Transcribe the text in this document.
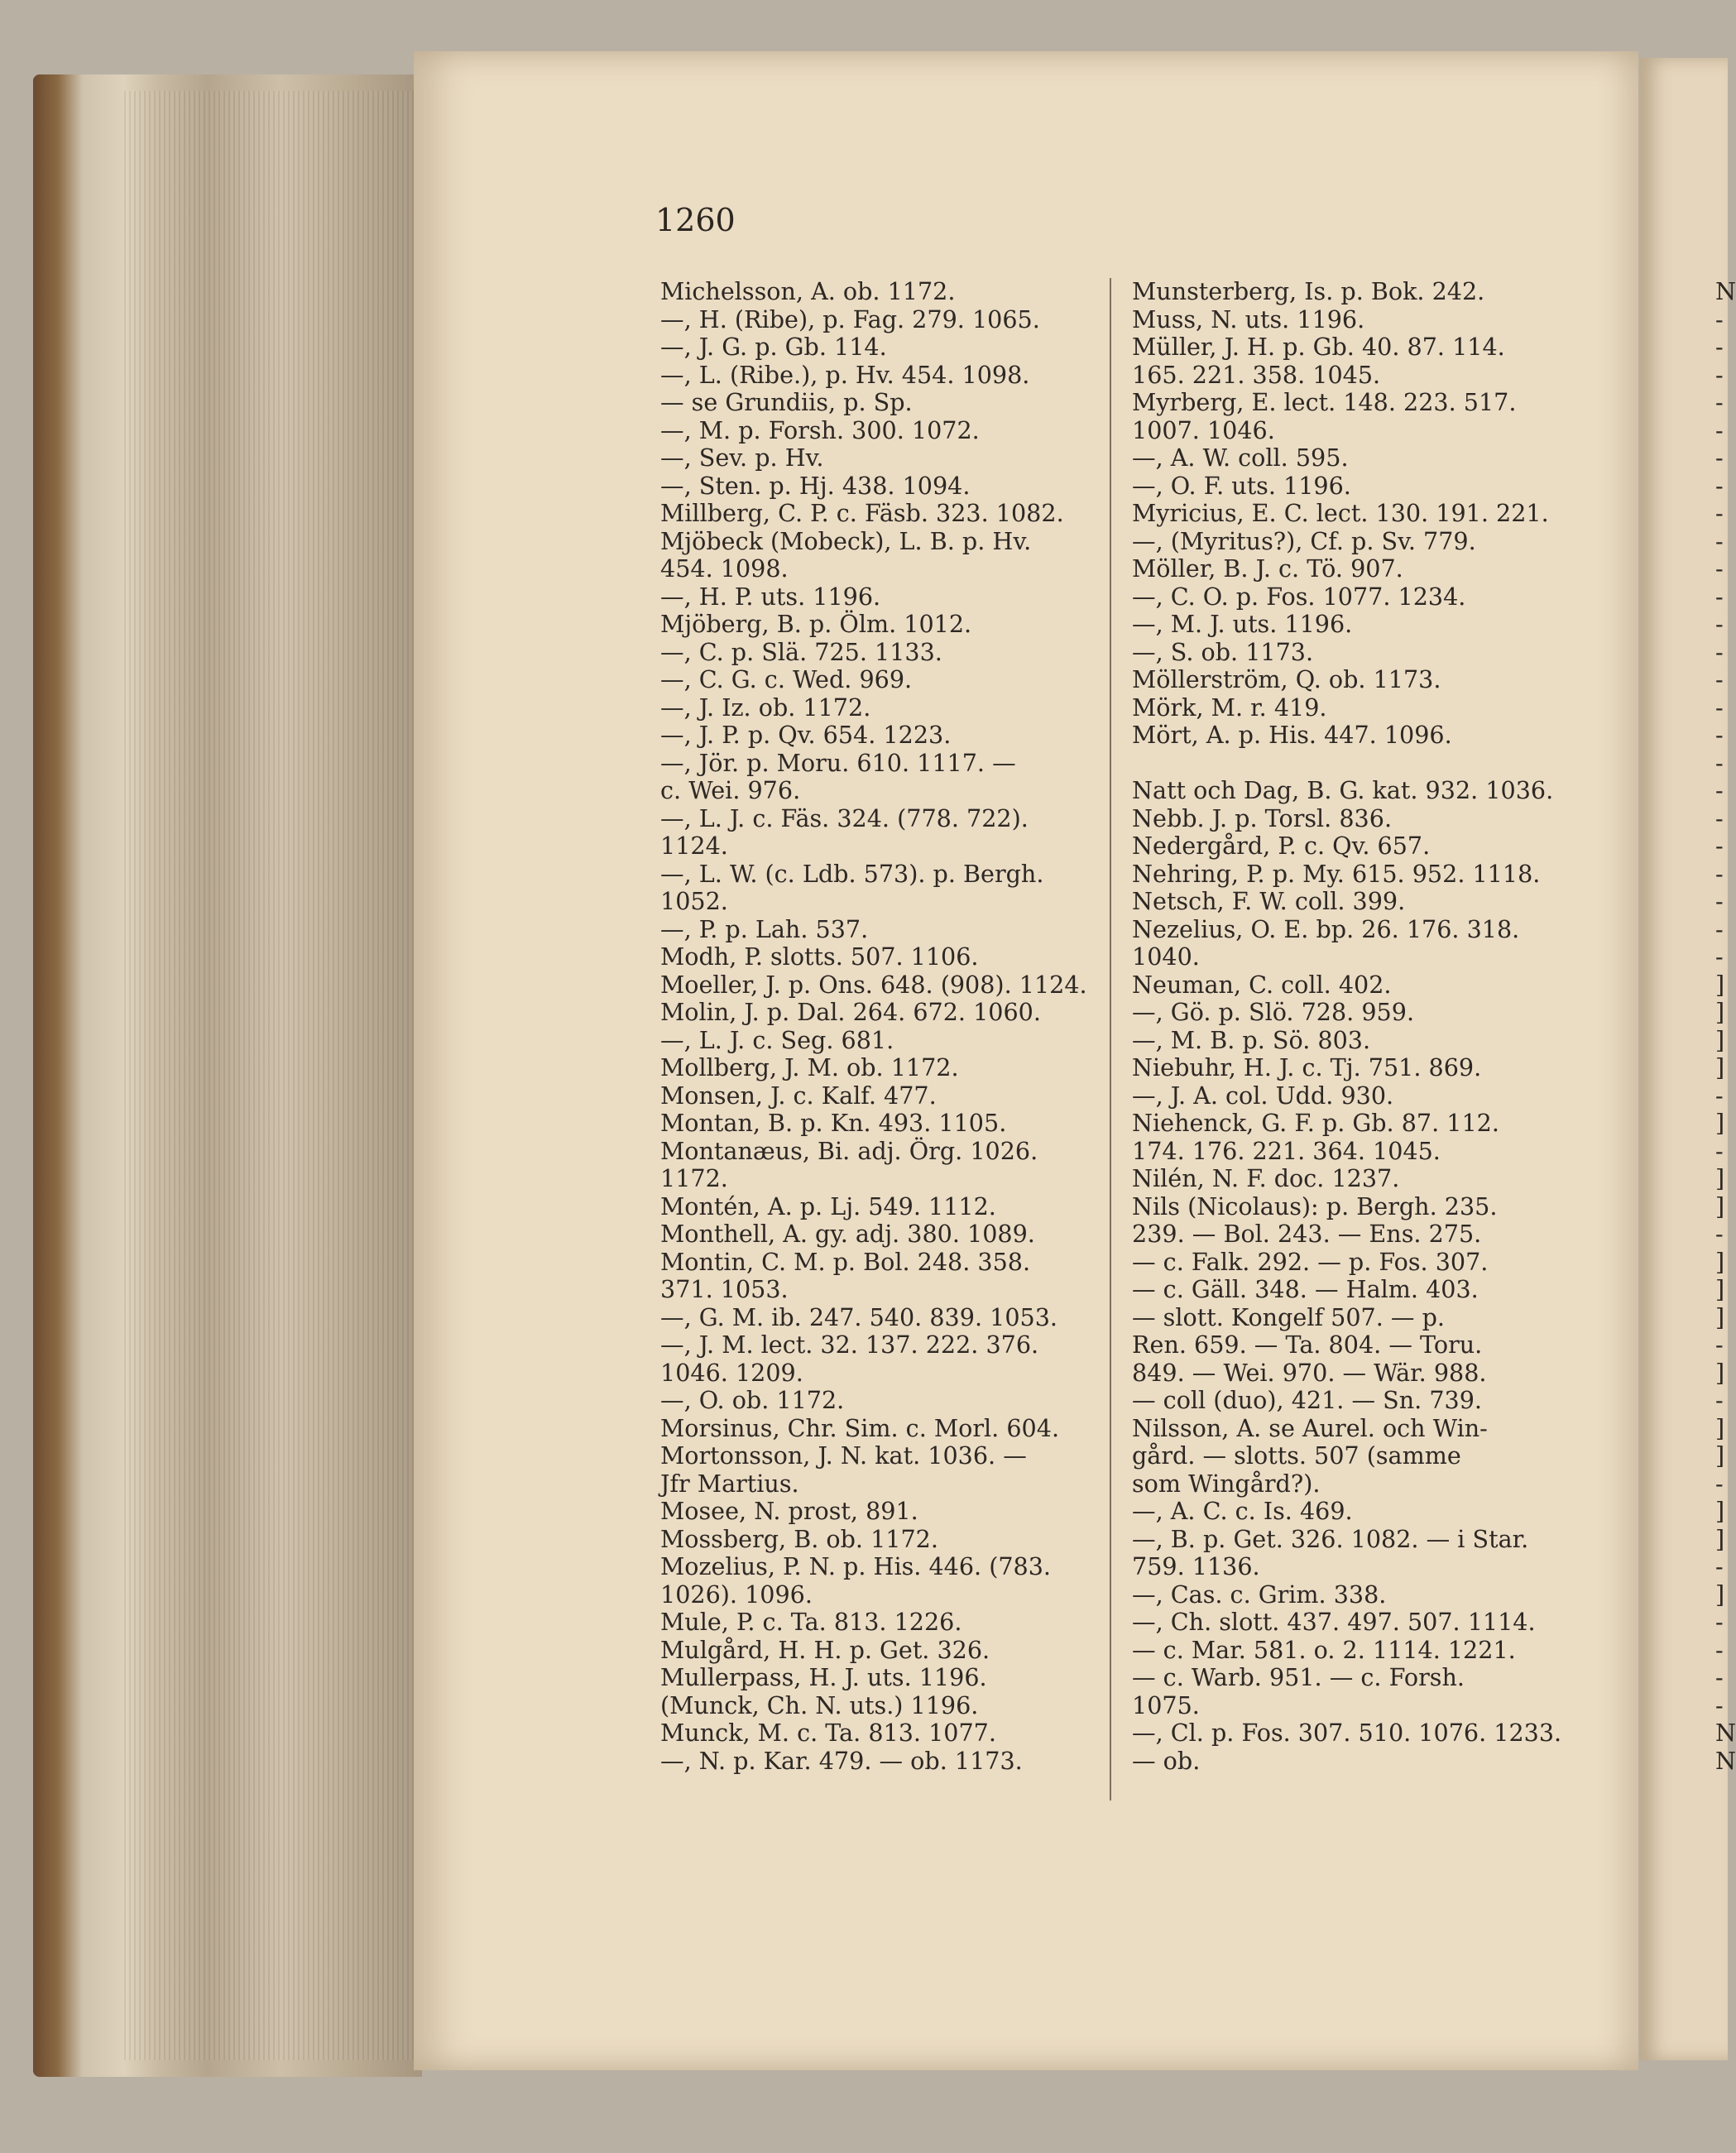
1260
Michelsson, A. ob. 1172.
—, H. (Ribe), p. Fag. 279. 1065.
—, J. G. p. Gb. 114.
—, L. (Ribe.), p. Hv. 454. 1098.
— se Grundiis, p. Sp.
—, M. p. Forsh. 300. 1072.
—, Sev. p. Hv.
—, Sten. p. Hj. 438. 1094.
Millberg, C. P. c. Fäsb. 323. 1082.
Mjöbeck (Mobeck), L. B. p. Hv.
454. 1098.
—, H. P. uts. 1196.
Mjöberg, B. p. Ölm. 1012.
—, C. p. Slä. 725. 1133.
—, C. G. c. Wed. 969.
—, J. Iz. ob. 1172.
—, J. P. p. Qv. 654. 1223.
—, Jör. p. Moru. 610. 1117. —
c. Wei. 976.
—, L. J. c. Fäs. 324. (778. 722).
1124.
—, L. W. (c. Ldb. 573). p. Bergh.
1052.
—, P. p. Lah. 537.
Modh, P. slotts. 507. 1106.
Moeller, J. p. Ons. 648. (908). 1124.
Molin, J. p. Dal. 264. 672. 1060.
—, L. J. c. Seg. 681.
Mollberg, J. M. ob. 1172.
Monsen, J. c. Kalf. 477.
Montan, B. p. Kn. 493. 1105.
Montanæus, Bi. adj. Örg. 1026.
1172.
Montén, A. p. Lj. 549. 1112.
Monthell, A. gy. adj. 380. 1089.
Montin, C. M. p. Bol. 248. 358.
371. 1053.
—, G. M. ib. 247. 540. 839. 1053.
—, J. M. lect. 32. 137. 222. 376.
1046. 1209.
—, O. ob. 1172.
Morsinus, Chr. Sim. c. Morl. 604.
Mortonsson, J. N. kat. 1036. —
Jfr Martius.
Mosee, N. prost, 891.
Mossberg, B. ob. 1172.
Mozelius, P. N. p. His. 446. (783.
1026). 1096.
Mule, P. c. Ta. 813. 1226.
Mulgård, H. H. p. Get. 326.
Mullerpass, H. J. uts. 1196.
(Munck, Ch. N. uts.) 1196.
Munck, M. c. Ta. 813. 1077.
—, N. p. Kar. 479. — ob. 1173.
Munsterberg, Is. p. Bok. 242.
Muss, N. uts. 1196.
Müller, J. H. p. Gb. 40. 87. 114.
165. 221. 358. 1045.
Myrberg, E. lect. 148. 223. 517.
1007. 1046.
—, A. W. coll. 595.
—, O. F. uts. 1196.
Myricius, E. C. lect. 130. 191. 221.
—, (Myritus?), Cf. p. Sv. 779.
Möller, B. J. c. Tö. 907.
—, C. O. p. Fos. 1077. 1234.
—, M. J. uts. 1196.
—, S. ob. 1173.
Möllerström, Q. ob. 1173.
Mörk, M. r. 419.
Mört, A. p. His. 447. 1096.
Natt och Dag, B. G. kat. 932. 1036.
Nebb. J. p. Torsl. 836.
Nedergård, P. c. Qv. 657.
Nehring, P. p. My. 615. 952. 1118.
Netsch, F. W. coll. 399.
Nezelius, O. E. bp. 26. 176. 318.
1040.
Neuman, C. coll. 402.
—, Gö. p. Slö. 728. 959.
—, M. B. p. Sö. 803.
Niebuhr, H. J. c. Tj. 751. 869.
—, J. A. col. Udd. 930.
Niehenck, G. F. p. Gb. 87. 112.
174. 176. 221. 364. 1045.
Nilén, N. F. doc. 1237.
Nils (Nicolaus): p. Bergh. 235.
239. — Bol. 243. — Ens. 275.
— c. Falk. 292. — p. Fos. 307.
— c. Gäll. 348. — Halm. 403.
— slott. Kongelf 507. — p.
Ren. 659. — Ta. 804. — Toru.
849. — Wei. 970. — Wär. 988.
— coll (duo), 421. — Sn. 739.
Nilsson, A. se Aurel. och Win-
gård. — slotts. 507 (samme
som Wingård?).
—, A. C. c. Is. 469.
—, B. p. Get. 326. 1082. — i Star.
759. 1136.
—, Cas. c. Grim. 338.
—, Ch. slott. 437. 497. 507. 1114.
— c. Mar. 581. o. 2. 1114. 1221.
— c. Warb. 951. — c. Forsh.
1075.
—, Cl. p. Fos. 307. 510. 1076. 1233.
— ob.
N
-
-
-
-
-
-
-
-
-
-
-
-
-
-
-
-
-
-
-
-
-
-
-
-
]
]
]
]
-
]
-
]
]
-
]
]
]
-
]
-
]
]
-
]
]
-
]
-
-
-
-
N
N
